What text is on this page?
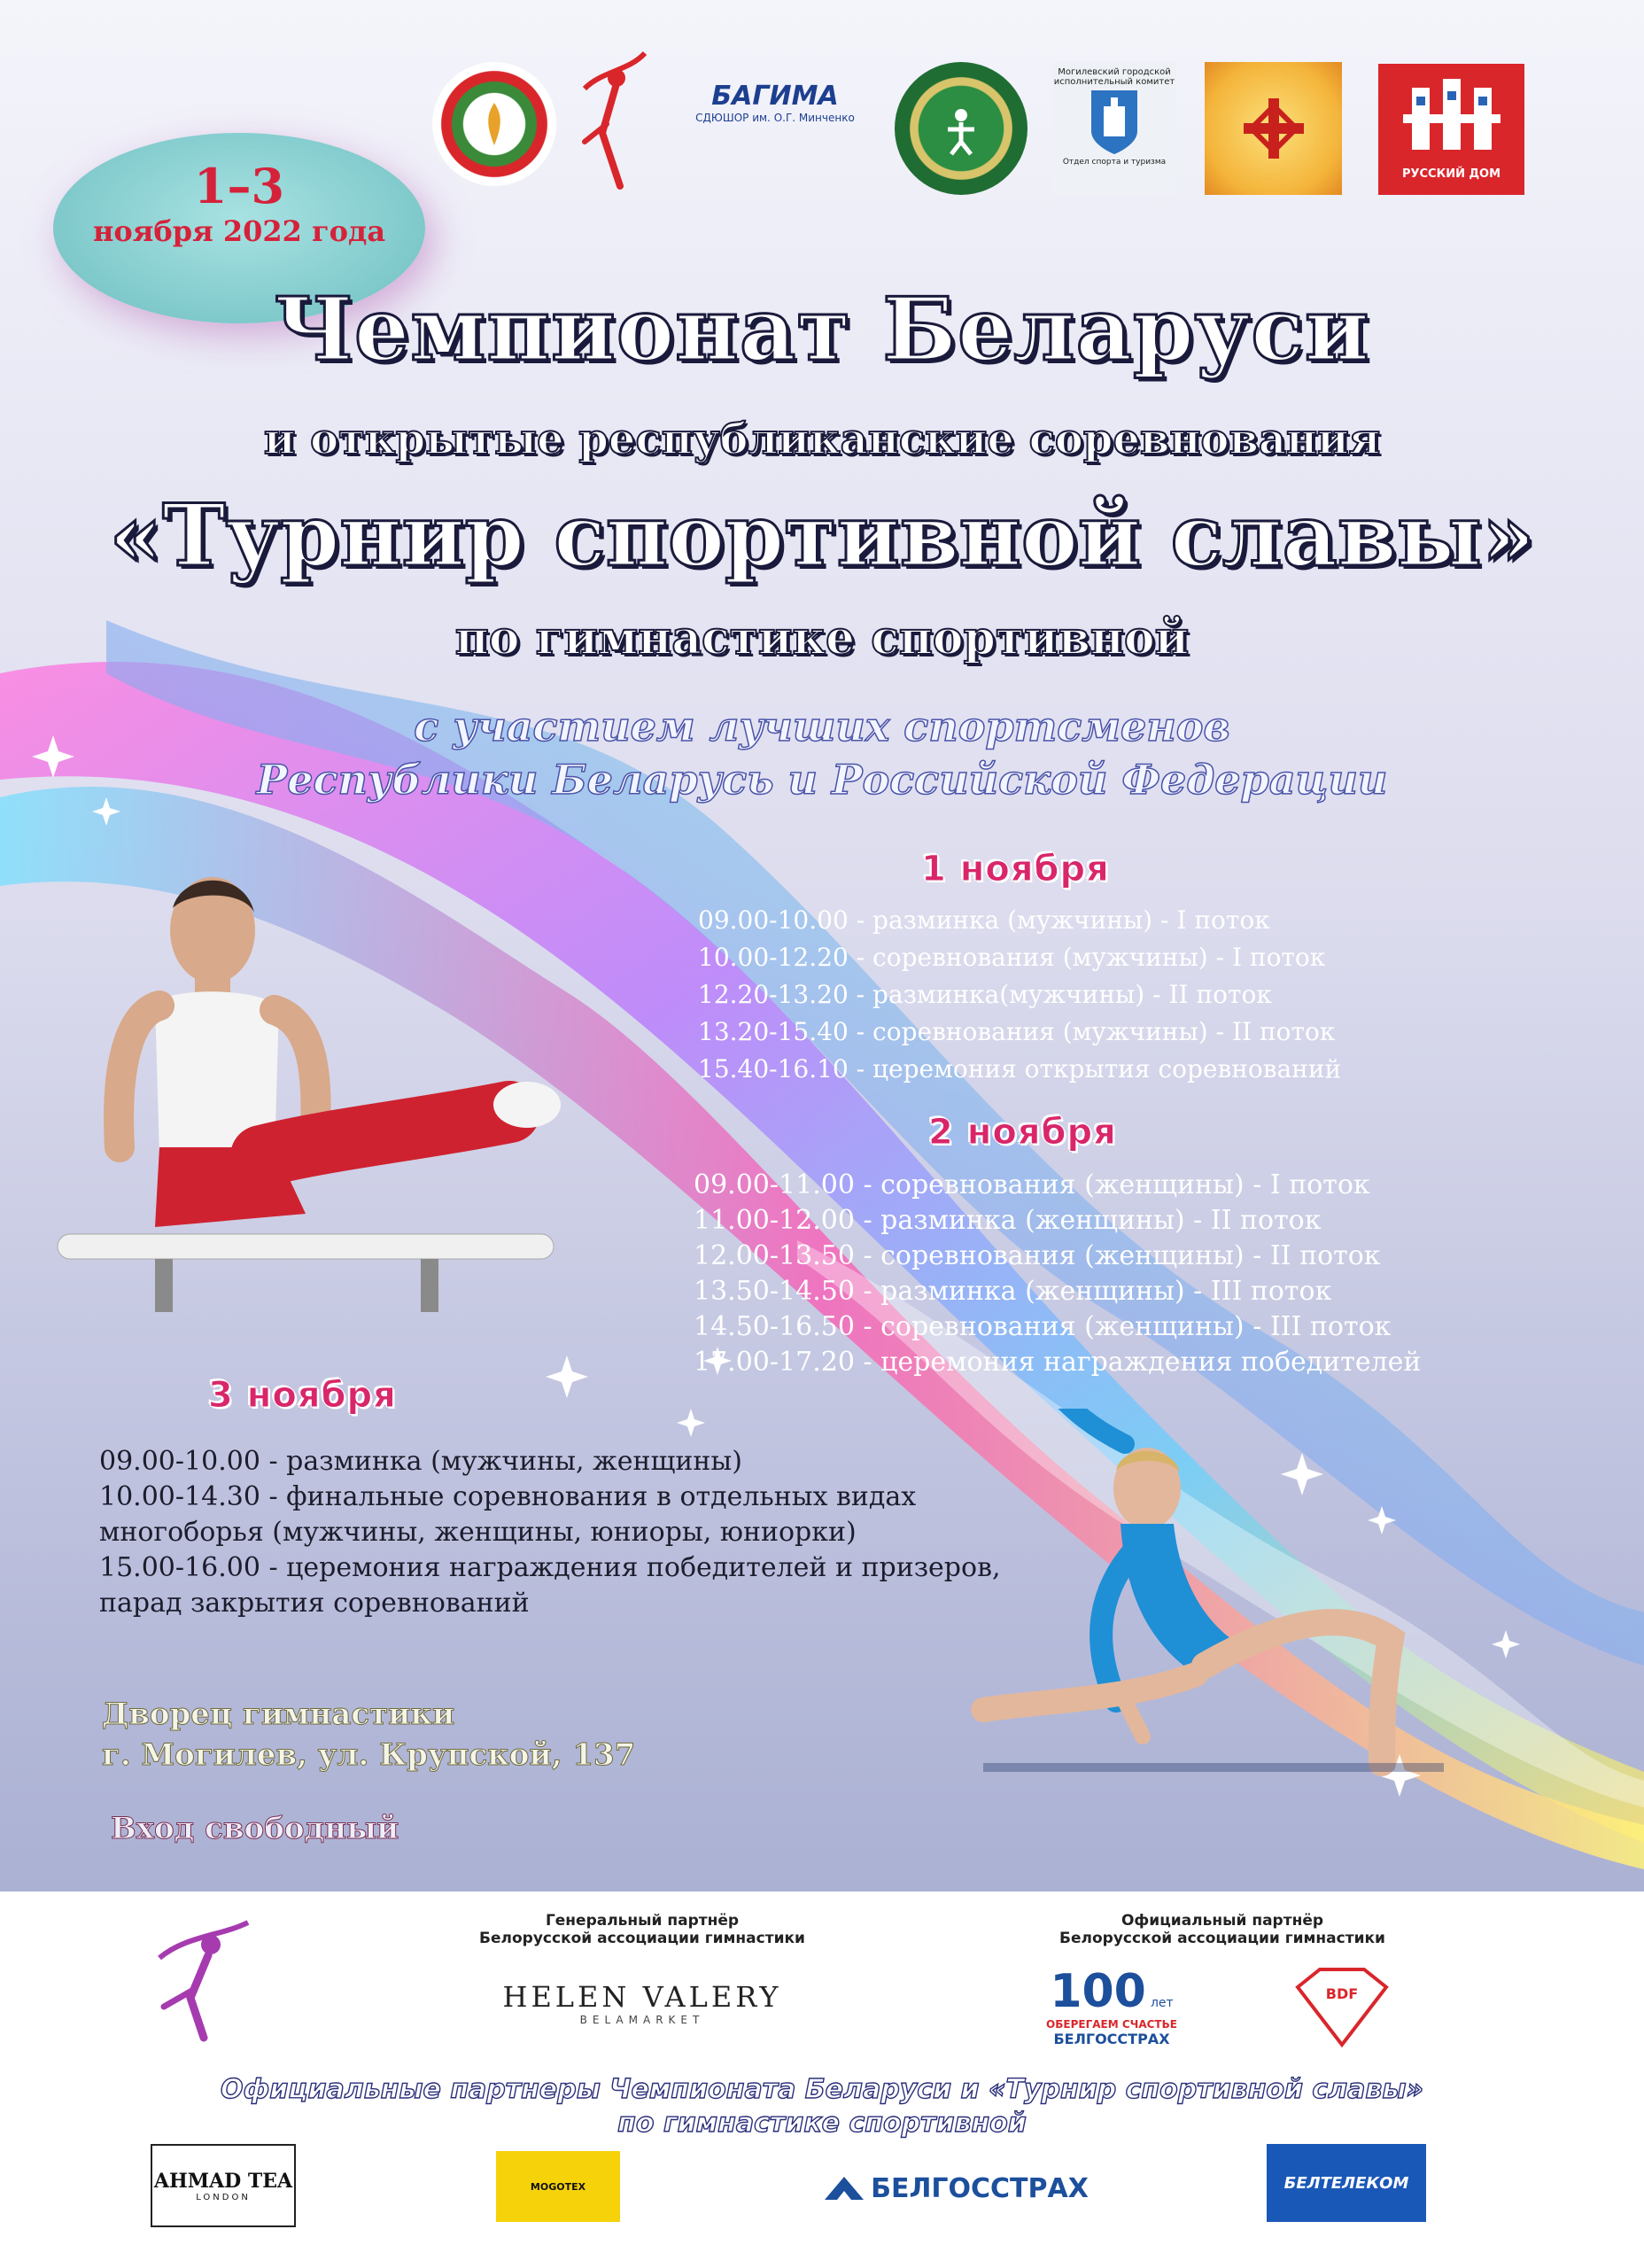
БАГИМА
СДЮШОР им. О.Г. Минченко
Могилевский городской
исполнительный комитет
Отдел спорта и туризма
РУССКИЙ ДОМ
1–3
ноября 2022 года
Чемпионат Беларуси
и открытые республиканские соревнования
«Турнир спортивной славы»
по гимнастике спортивной
с участием лучших спортсменов
Республики Беларусь и Российской Федерации
1 ноября
09.00-10.00 - разминка (мужчины) - I поток
10.00-12.20 - соревнования (мужчины) - I поток
12.20-13.20 - разминка(мужчины) - II поток
13.20-15.40 - соревнования (мужчины) - II поток
15.40-16.10 - церемония открытия соревнований
2 ноября
09.00-11.00 - соревнования (женщины) - I поток
11.00-12.00 - разминка (женщины) - II поток
12.00-13.50 - соревнования (женщины) - II поток
13.50-14.50 - разминка (женщины) - III поток
14.50-16.50 - соревнования (женщины) - III поток
17.00-17.20 - церемония награждения победителей
3 ноября
09.00-10.00 - разминка (мужчины, женщины)
10.00-14.30 - финальные соревнования в отдельных видах
многоборья (мужчины, женщины, юниоры, юниорки)
15.00-16.00 - церемония награждения победителей и призеров,
парад закрытия соревнований
Дворец гимнастики
г. Могилев, ул. Крупской, 137
Вход свободный
Генеральный партнёр
Белорусской ассоциации гимнастики
HELEN VALERY
BELAMARKET
Официальный партнёр
Белорусской ассоциации гимнастики
100 лет
ОБЕРЕГАЕМ СЧАСТЬЕ
БЕЛГОССТРАХ
BDF
Официальные партнеры Чемпионата Беларуси и «Турнир спортивной славы»
по гимнастике спортивной
AHMAD TEA
LONDON
MOGOTEX	БЕЛГОССТРАХ	БЕЛТЕЛЕКОМ
